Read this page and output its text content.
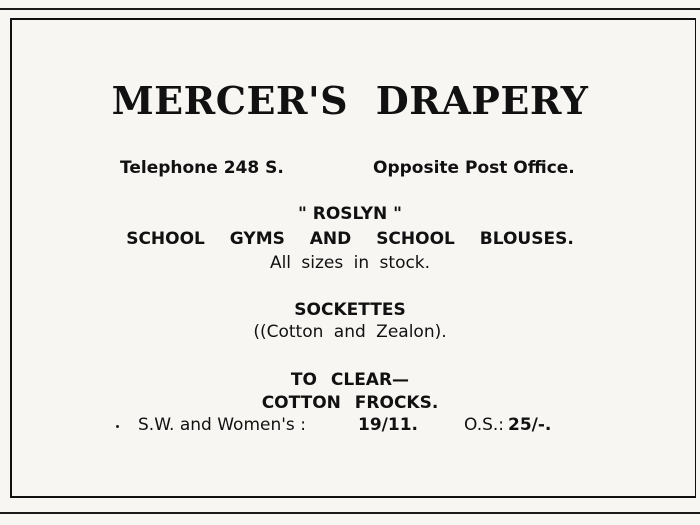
MERCER'S DRAPERY
Telephone 248 S.	Opposite Post Office.
" ROSLYN "
SCHOOL GYMS AND SCHOOL BLOUSES.
All sizes in stock.
SOCKETTES
((Cotton and Zealon).
TO CLEAR—
COTTON FROCKS.
S.W. and Women's :	19/11.	O.S.: 25/-.
